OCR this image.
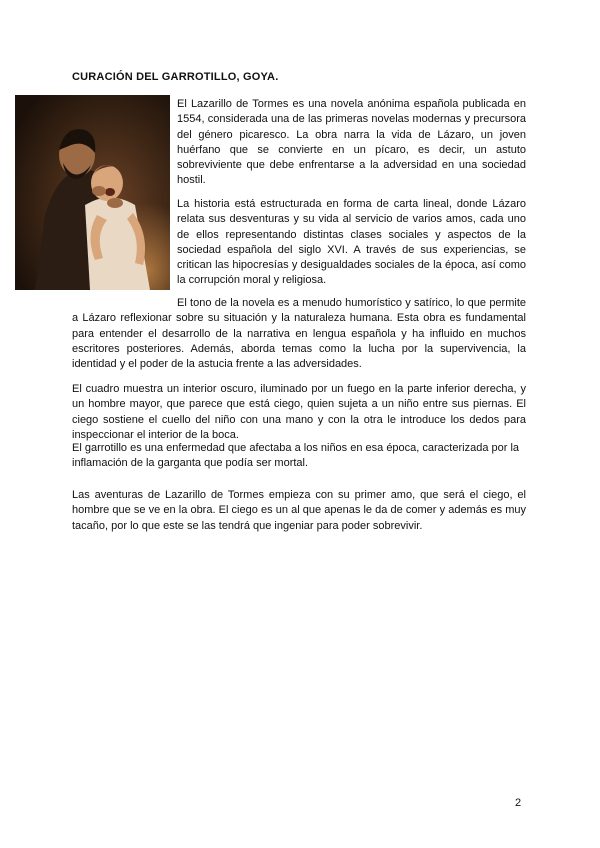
CURACIÓN DEL GARROTILLO, GOYA.

El Lazarillo de Tormes es una novela anónima española publicada en 1554, considerada una de las primeras novelas modernas y precursora del género picaresco. La obra narra la vida de Lázaro, un joven huérfano que se convierte en un pícaro, es decir, un astuto sobreviviente que debe enfrentarse a la adversidad en una sociedad hostil.

La historia está estructurada en forma de carta lineal, donde Lázaro relata sus desventuras y su vida al servicio de varios amos, cada uno de ellos representando distintas clases sociales y aspectos de la sociedad española del siglo XVI. A través de sus experiencias, se critican las hipocresías y desigualdades sociales de la época, así como la corrupción moral y religiosa.

El tono de la novela es a menudo humorístico y satírico, lo que permite a Lázaro reflexionar sobre su situación y la naturaleza humana. Esta obra es fundamental para entender el desarrollo de la narrativa en lengua española y ha influido en muchos escritores posteriores. Además, aborda temas como la lucha por la supervivencia, la identidad y el poder de la astucia frente a las adversidades.

El cuadro muestra un interior oscuro, iluminado por un fuego en la parte inferior derecha, y un hombre mayor, que parece que está ciego, quien sujeta a un niño entre sus piernas. El ciego sostiene el cuello del niño con una mano y con la otra le introduce los dedos para inspeccionar el interior de la boca.

El garrotillo es una enfermedad que afectaba a los niños en esa época, caracterizada por la inflamación de la garganta que podía ser mortal.

Las aventuras de Lazarillo de Tormes empieza con su primer amo, que será el ciego, el hombre que se ve en la obra. El ciego es un al que apenas le da de comer y además es muy tacaño, por lo que este se las tendrá que ingeniar para poder sobrevivir.

2
